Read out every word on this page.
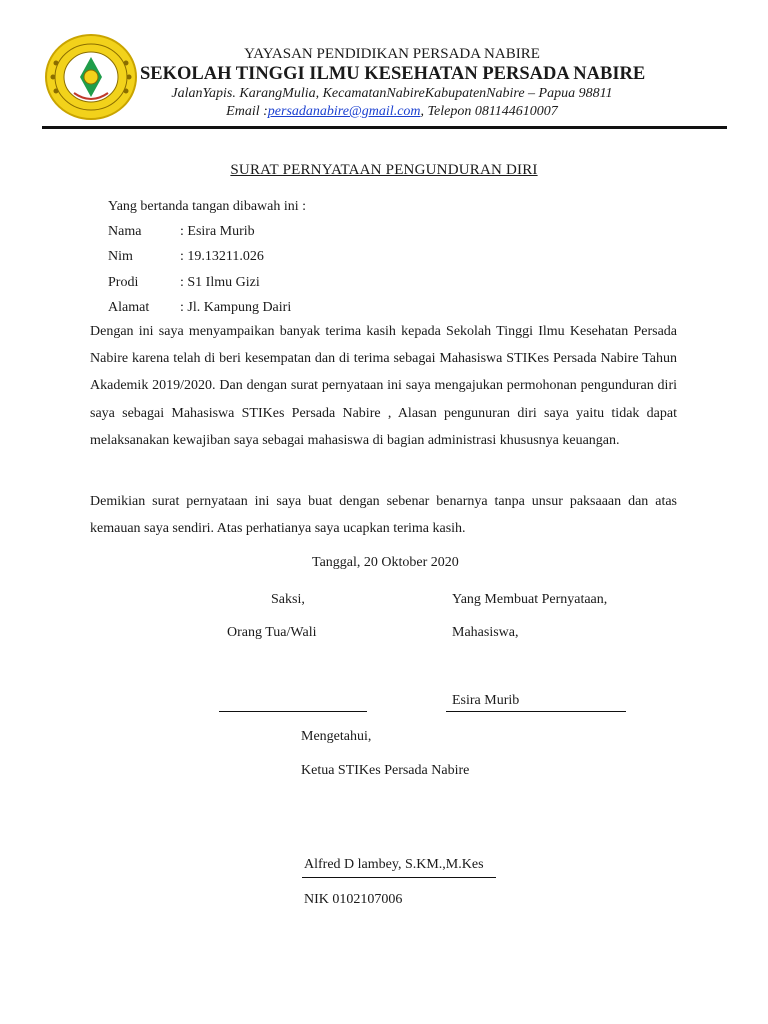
YAYASAN PENDIDIKAN PERSADA NABIRE
SEKOLAH TINGGI ILMU KESEHATAN PERSADA NABIRE
JalanYapis. KarangMulia, KecamatanNabireKabupatenNabire – Papua 98811
Email :persadanabire@gmail.com, Telepon 081144610007
SURAT PERNYATAAN PENGUNDURAN DIRI
Yang bertanda tangan dibawah ini :
Nama	: Esira Murib
Nim	: 19.13211.026
Prodi	: S1 Ilmu Gizi
Alamat : Jl. Kampung Dairi
Dengan ini saya menyampaikan banyak terima kasih kepada Sekolah Tinggi Ilmu Kesehatan Persada Nabire karena telah di beri kesempatan dan di terima sebagai Mahasiswa STIKes Persada Nabire Tahun Akademik 2019/2020. Dan dengan surat pernyataan ini saya mengajukan permohonan pengunduran diri saya sebagai Mahasiswa STIKes Persada Nabire , Alasan pengunuran diri saya yaitu tidak dapat melaksanakan kewajiban saya sebagai mahasiswa di bagian administrasi khususnya keuangan.
Demikian surat pernyataan ini saya buat dengan sebenar benarnya tanpa unsur paksaaan dan atas kemauan saya sendiri. Atas perhatianya saya ucapkan terima kasih.
Tanggal, 20 Oktober 2020
Saksi,	Yang Membuat Pernyataan,
Orang Tua/Wali	Mahasiswa,
Esira Murib
Mengetahui,
Ketua STIKes Persada Nabire
Alfred D lambey, S.KM.,M.Kes
NIK 0102107006
